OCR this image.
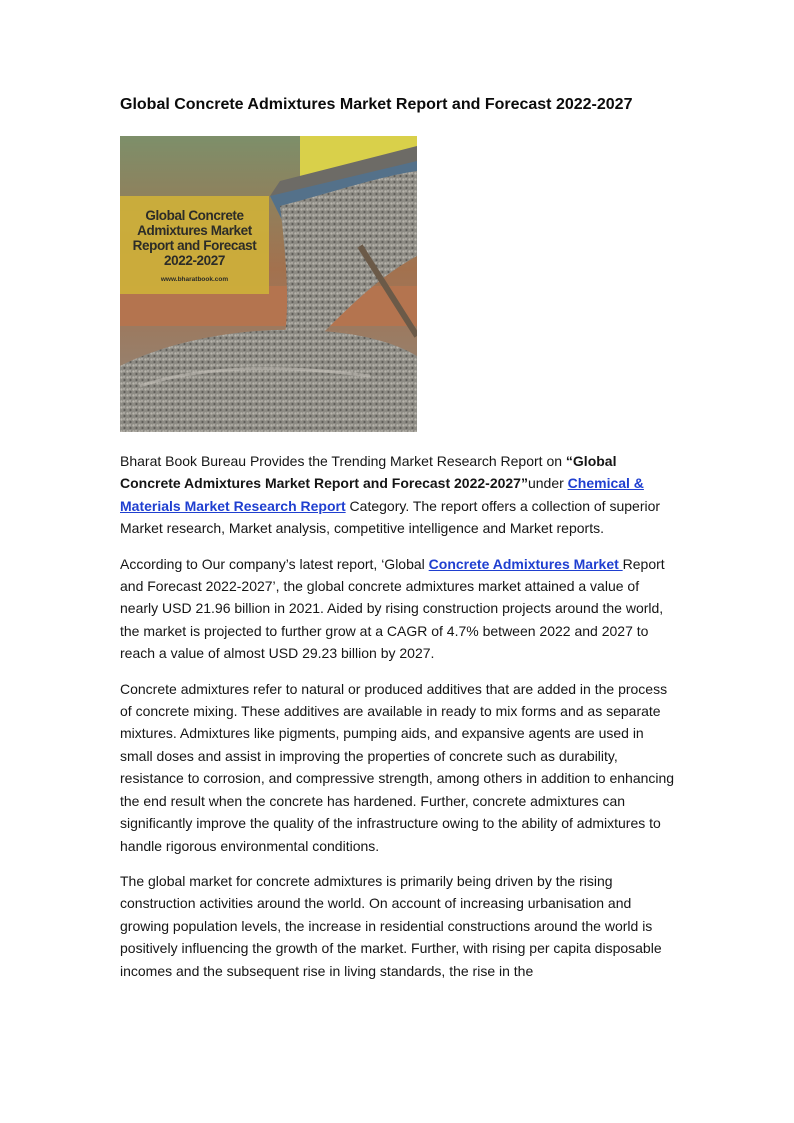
Global Concrete Admixtures Market Report and Forecast 2022-2027
Global Concrete Admixtures Market Report and Forecast 2022-2027
www.bharatbook.com

Bharat Book Bureau Provides the Trending Market Research Report on “Global Concrete Admixtures Market Report and Forecast 2022-2027”under Chemical & Materials Market Research Report Category. The report offers a collection of superior Market research, Market analysis, competitive intelligence and Market reports.

According to Our company’s latest report, ‘Global Concrete Admixtures Market Report and Forecast 2022-2027’, the global concrete admixtures market attained a value of nearly USD 21.96 billion in 2021. Aided by rising construction projects around the world, the market is projected to further grow at a CAGR of 4.7% between 2022 and 2027 to reach a value of almost USD 29.23 billion by 2027.

Concrete admixtures refer to natural or produced additives that are added in the process of concrete mixing. These additives are available in ready to mix forms and as separate mixtures. Admixtures like pigments, pumping aids, and expansive agents are used in small doses and assist in improving the properties of concrete such as durability, resistance to corrosion, and compressive strength, among others in addition to enhancing the end result when the concrete has hardened. Further, concrete admixtures can significantly improve the quality of the infrastructure owing to the ability of admixtures to handle rigorous environmental conditions.

The global market for concrete admixtures is primarily being driven by the rising construction activities around the world. On account of increasing urbanisation and growing population levels, the increase in residential constructions around the world is positively influencing the growth of the market. Further, with rising per capita disposable incomes and the subsequent rise in living standards, the rise in the
